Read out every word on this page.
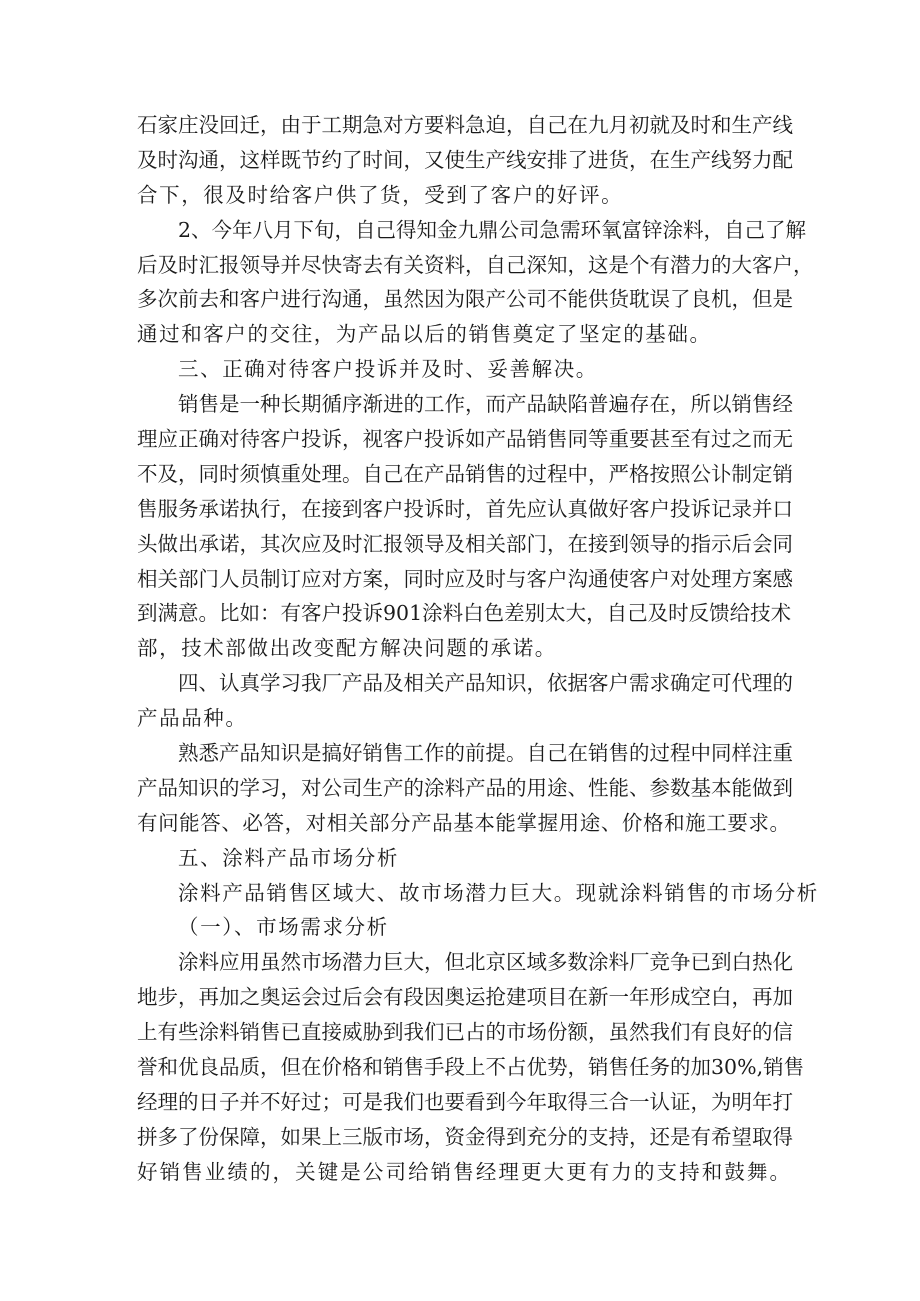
石家庄没回迁，由于工期急对方要料急迫，自己在九月初就及时和生产线
及时沟通，这样既节约了时间，又使生产线安排了进货，在生产线努力配
合下，很及时给客户供了货，受到了客户的好评。
2、今年八月下旬，自己得知金九鼎公司急需环氧富锌涂料，自己了解
后及时汇报领导并尽快寄去有关资料，自己深知，这是个有潜力的大客户，
多次前去和客户进行沟通，虽然因为限产公司不能供货耽误了良机，但是
通过和客户的交往，为产品以后的销售奠定了坚定的基础。
三、正确对待客户投诉并及时、妥善解决。
销售是一种长期循序渐进的工作，而产品缺陷普遍存在，所以销售经
理应正确对待客户投诉，视客户投诉如产品销售同等重要甚至有过之而无
不及，同时须慎重处理。自己在产品销售的过程中，严格按照公讣制定销
售服务承诺执行，在接到客户投诉时，首先应认真做好客户投诉记录并口
头做出承诺，其次应及时汇报领导及相关部门，在接到领导的指示后会同
相关部门人员制订应对方案，同时应及时与客户沟通使客户对处理方案感
到满意。比如：有客户投诉901涂料白色差别太大，自己及时反馈给技术
部，技术部做出改变配方解决问题的承诺。
四、认真学习我厂产品及相关产品知识，依据客户需求确定可代理的
产品品种。
熟悉产品知识是搞好销售工作的前提。自己在销售的过程中同样注重
产品知识的学习，对公司生产的涂料产品的用途、性能、参数基本能做到
有问能答、必答，对相关部分产品基本能掌握用途、价格和施工要求。
五、涂料产品市场分析
涂料产品销售区域大、故市场潜力巨大。现就涂料销售的市场分析
（一）、市场需求分析
涂料应用虽然市场潜力巨大，但北京区域多数涂料厂竞争已到白热化
地步，再加之奥运会过后会有段因奥运抢建项目在新一年形成空白，再加
上有些涂料销售已直接威胁到我们已占的市场份额，虽然我们有良好的信
誉和优良品质，但在价格和销售手段上不占优势，销售任务的加30%,销售
经理的日子并不好过；可是我们也要看到今年取得三合一认证，为明年打
拼多了份保障，如果上三版市场，资金得到充分的支持，还是有希望取得
好销售业绩的，关键是公司给销售经理更大更有力的支持和鼓舞。
